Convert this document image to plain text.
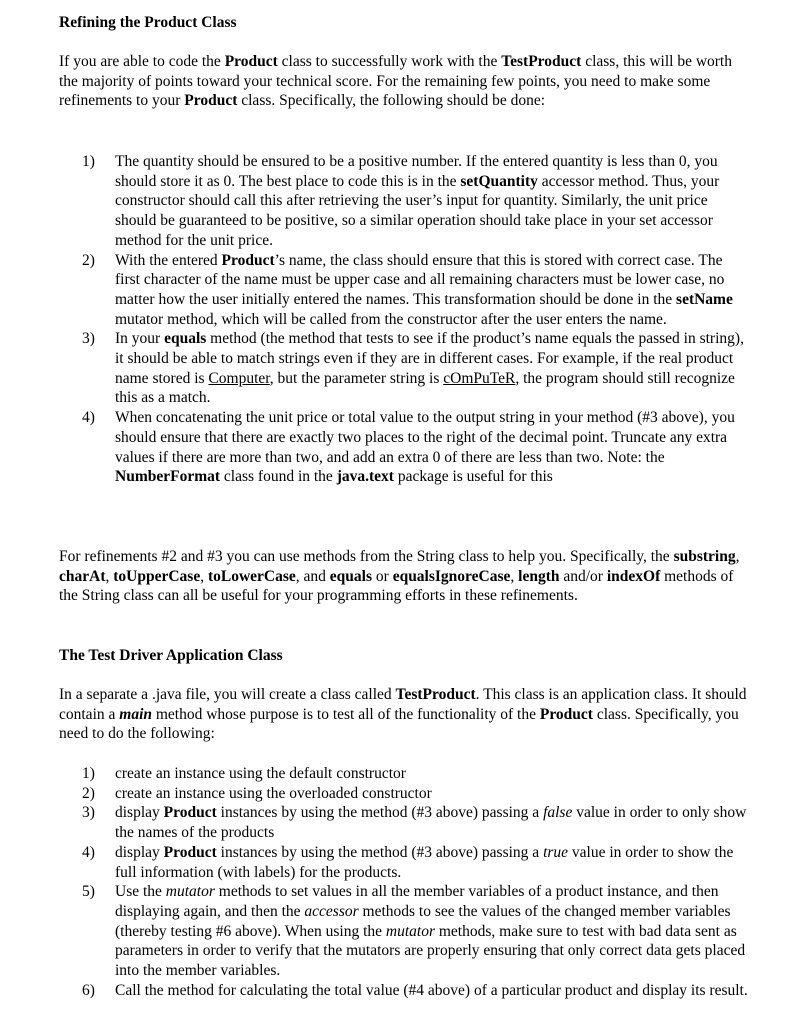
Refining the Product Class

If you are able to code the Product class to successfully work with the TestProduct class, this will be worth the majority of points toward your technical score. For the remaining few points, you need to make some refinements to your Product class. Specifically, the following should be done:

1) The quantity should be ensured to be a positive number. If the entered quantity is less than 0, you should store it as 0. The best place to code this is in the setQuantity accessor method. Thus, your constructor should call this after retrieving the user’s input for quantity. Similarly, the unit price should be guaranteed to be positive, so a similar operation should take place in your set accessor method for the unit price.
2) With the entered Product’s name, the class should ensure that this is stored with correct case. The first character of the name must be upper case and all remaining characters must be lower case, no matter how the user initially entered the names. This transformation should be done in the setName mutator method, which will be called from the constructor after the user enters the name.
3) In your equals method (the method that tests to see if the product’s name equals the passed in string), it should be able to match strings even if they are in different cases. For example, if the real product name stored is Computer, but the parameter string is cOmPuTeR, the program should still recognize this as a match.
4) When concatenating the unit price or total value to the output string in your method (#3 above), you should ensure that there are exactly two places to the right of the decimal point. Truncate any extra values if there are more than two, and add an extra 0 of there are less than two. Note: the NumberFormat class found in the java.text package is useful for this

For refinements #2 and #3 you can use methods from the String class to help you. Specifically, the substring, charAt, toUpperCase, toLowerCase, and equals or equalsIgnoreCase, length and/or indexOf methods of the String class can all be useful for your programming efforts in these refinements.

The Test Driver Application Class

In a separate a .java file, you will create a class called TestProduct. This class is an application class. It should contain a main method whose purpose is to test all of the functionality of the Product class. Specifically, you need to do the following:

1) create an instance using the default constructor
2) create an instance using the overloaded constructor
3) display Product instances by using the method (#3 above) passing a false value in order to only show the names of the products
4) display Product instances by using the method (#3 above) passing a true value in order to show the full information (with labels) for the products.
5) Use the mutator methods to set values in all the member variables of a product instance, and then displaying again, and then the accessor methods to see the values of the changed member variables (thereby testing #6 above). When using the mutator methods, make sure to test with bad data sent as parameters in order to verify that the mutators are properly ensuring that only correct data gets placed into the member variables.
6) Call the method for calculating the total value (#4 above) of a particular product and display its result.
